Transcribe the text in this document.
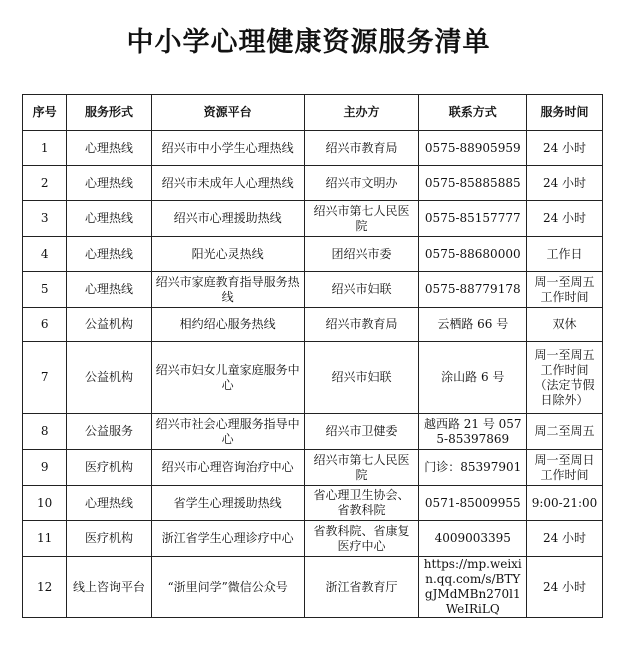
中小学心理健康资源服务清单
序号	服务形式	资源平台	主办方	联系方式	服务时间
1	心理热线	绍兴市中小学生心理热线	绍兴市教育局	0575-88905959	24 小时
2	心理热线	绍兴市未成年人心理热线	绍兴市文明办	0575-85885885	24 小时
3	心理热线	绍兴市心理援助热线	绍兴市第七人民医院	0575-85157777	24 小时
4	心理热线	阳光心灵热线	团绍兴市委	0575-88680000	工作日
5	心理热线	绍兴市家庭教育指导服务热线	绍兴市妇联	0575-88779178	周一至周五工作时间
6	公益机构	相约绍心服务热线	绍兴市教育局	云栖路 66 号	双休
7	公益机构	绍兴市妇女儿童家庭服务中心	绍兴市妇联	涂山路 6 号	周一至周五工作时间（法定节假日除外）
8	公益服务	绍兴市社会心理服务指导中心	绍兴市卫健委	越西路 21 号 0575-85397869	周二至周五
9	医疗机构	绍兴市心理咨询治疗中心	绍兴市第七人民医院	门诊：85397901	周一至周日工作时间
10	心理热线	省学生心理援助热线	省心理卫生协会、省教科院	0571-85009955	9:00-21:00
11	医疗机构	浙江省学生心理诊疗中心	省教科院、省康复医疗中心	4009003395	24 小时
12	线上咨询平台	“浙里问学”微信公众号	浙江省教育厅	https://mp.weixin.qq.com/s/BTYgJMdMBn270l1WeIRiLQ	24 小时
